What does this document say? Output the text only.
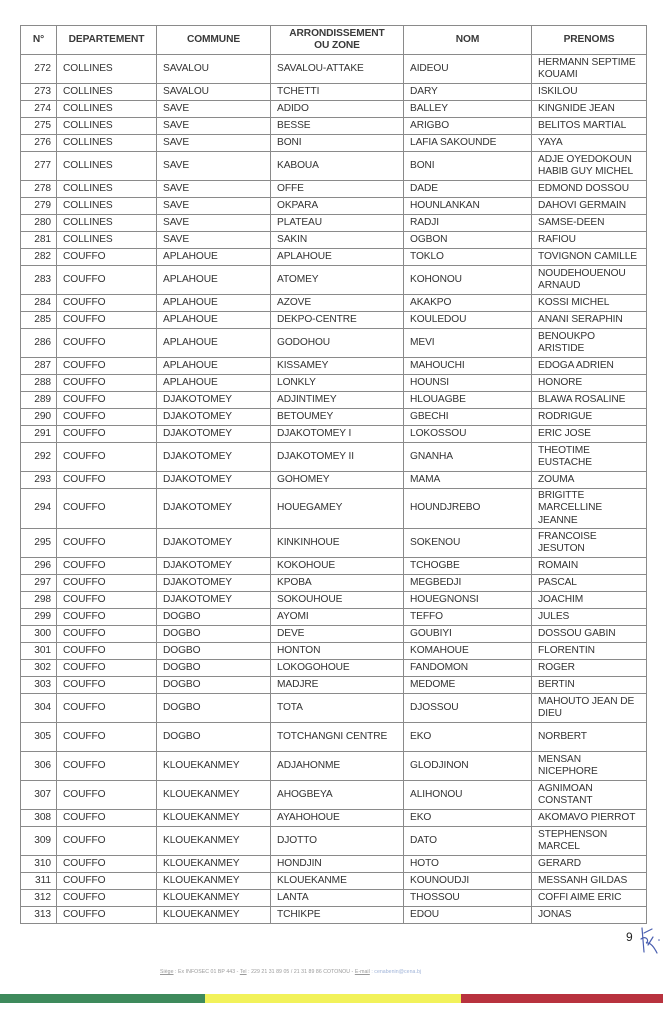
N°	DEPARTEMENT	COMMUNE	ARRONDISSEMENT OU ZONE	NOM	PRENOMS
272	COLLINES	SAVALOU	SAVALOU-ATTAKE	AIDEOU	HERMANN SEPTIME KOUAMI
273	COLLINES	SAVALOU	TCHETTI	DARY	ISKILOU
274	COLLINES	SAVE	ADIDO	BALLEY	KINGNIDE JEAN
275	COLLINES	SAVE	BESSE	ARIGBO	BELITOS MARTIAL
276	COLLINES	SAVE	BONI	LAFIA SAKOUNDE	YAYA
277	COLLINES	SAVE	KABOUA	BONI	ADJE OYEDOKOUN HABIB GUY MICHEL
278	COLLINES	SAVE	OFFE	DADE	EDMOND DOSSOU
279	COLLINES	SAVE	OKPARA	HOUNLANKAN	DAHOVI GERMAIN
280	COLLINES	SAVE	PLATEAU	RADJI	SAMSE-DEEN
281	COLLINES	SAVE	SAKIN	OGBON	RAFIOU
282	COUFFO	APLAHOUE	APLAHOUE	TOKLO	TOVIGNON CAMILLE
283	COUFFO	APLAHOUE	ATOMEY	KOHONOU	NOUDEHOUENOU ARNAUD
284	COUFFO	APLAHOUE	AZOVE	AKAKPO	KOSSI MICHEL
285	COUFFO	APLAHOUE	DEKPO-CENTRE	KOULEDOU	ANANI SERAPHIN
286	COUFFO	APLAHOUE	GODOHOU	MEVI	BENOUKPO ARISTIDE
287	COUFFO	APLAHOUE	KISSAMEY	MAHOUCHI	EDOGA ADRIEN
288	COUFFO	APLAHOUE	LONKLY	HOUNSI	HONORE
289	COUFFO	DJAKOTOMEY	ADJINTIMEY	HLOUAGBE	BLAWA ROSALINE
290	COUFFO	DJAKOTOMEY	BETOUMEY	GBECHI	RODRIGUE
291	COUFFO	DJAKOTOMEY	DJAKOTOMEY I	LOKOSSOU	ERIC JOSE
292	COUFFO	DJAKOTOMEY	DJAKOTOMEY II	GNANHA	THEOTIME EUSTACHE
293	COUFFO	DJAKOTOMEY	GOHOMEY	MAMA	ZOUMA
294	COUFFO	DJAKOTOMEY	HOUEGAMEY	HOUNDJREBO	BRIGITTE MARCELLINE JEANNE
295	COUFFO	DJAKOTOMEY	KINKINHOUE	SOKENOU	FRANCOISE JESUTON
296	COUFFO	DJAKOTOMEY	KOKOHOUE	TCHOGBE	ROMAIN
297	COUFFO	DJAKOTOMEY	KPOBA	MEGBEDJI	PASCAL
298	COUFFO	DJAKOTOMEY	SOKOUHOUE	HOUEGNONSI	JOACHIM
299	COUFFO	DOGBO	AYOMI	TEFFO	JULES
300	COUFFO	DOGBO	DEVE	GOUBIYI	DOSSOU GABIN
301	COUFFO	DOGBO	HONTON	KOMAHOUE	FLORENTIN
302	COUFFO	DOGBO	LOKOGOHOUE	FANDOMON	ROGER
303	COUFFO	DOGBO	MADJRE	MEDOME	BERTIN
304	COUFFO	DOGBO	TOTA	DJOSSOU	MAHOUTO JEAN DE DIEU
305	COUFFO	DOGBO	TOTCHANGNI CENTRE	EKO	NORBERT
306	COUFFO	KLOUEKANMEY	ADJAHONME	GLODJINON	MENSAN NICEPHORE
307	COUFFO	KLOUEKANMEY	AHOGBEYA	ALIHONOU	AGNIMOAN CONSTANT
308	COUFFO	KLOUEKANMEY	AYAHOHOUE	EKO	AKOMAVO PIERROT
309	COUFFO	KLOUEKANMEY	DJOTTO	DATO	STEPHENSON MARCEL
310	COUFFO	KLOUEKANMEY	HONDJIN	HOTO	GERARD
311	COUFFO	KLOUEKANMEY	KLOUEKANME	KOUNOUDJI	MESSANH GILDAS
312	COUFFO	KLOUEKANMEY	LANTA	THOSSOU	COFFI AIME ERIC
313	COUFFO	KLOUEKANMEY	TCHIKPE	EDOU	JONAS
9
Siège : Ex INFOSEC 01 BP 443 - Tel : 229 21 31 89 05 / 21 31 89 86 COTONOU - E-mail : cenabenin@cena.bj
